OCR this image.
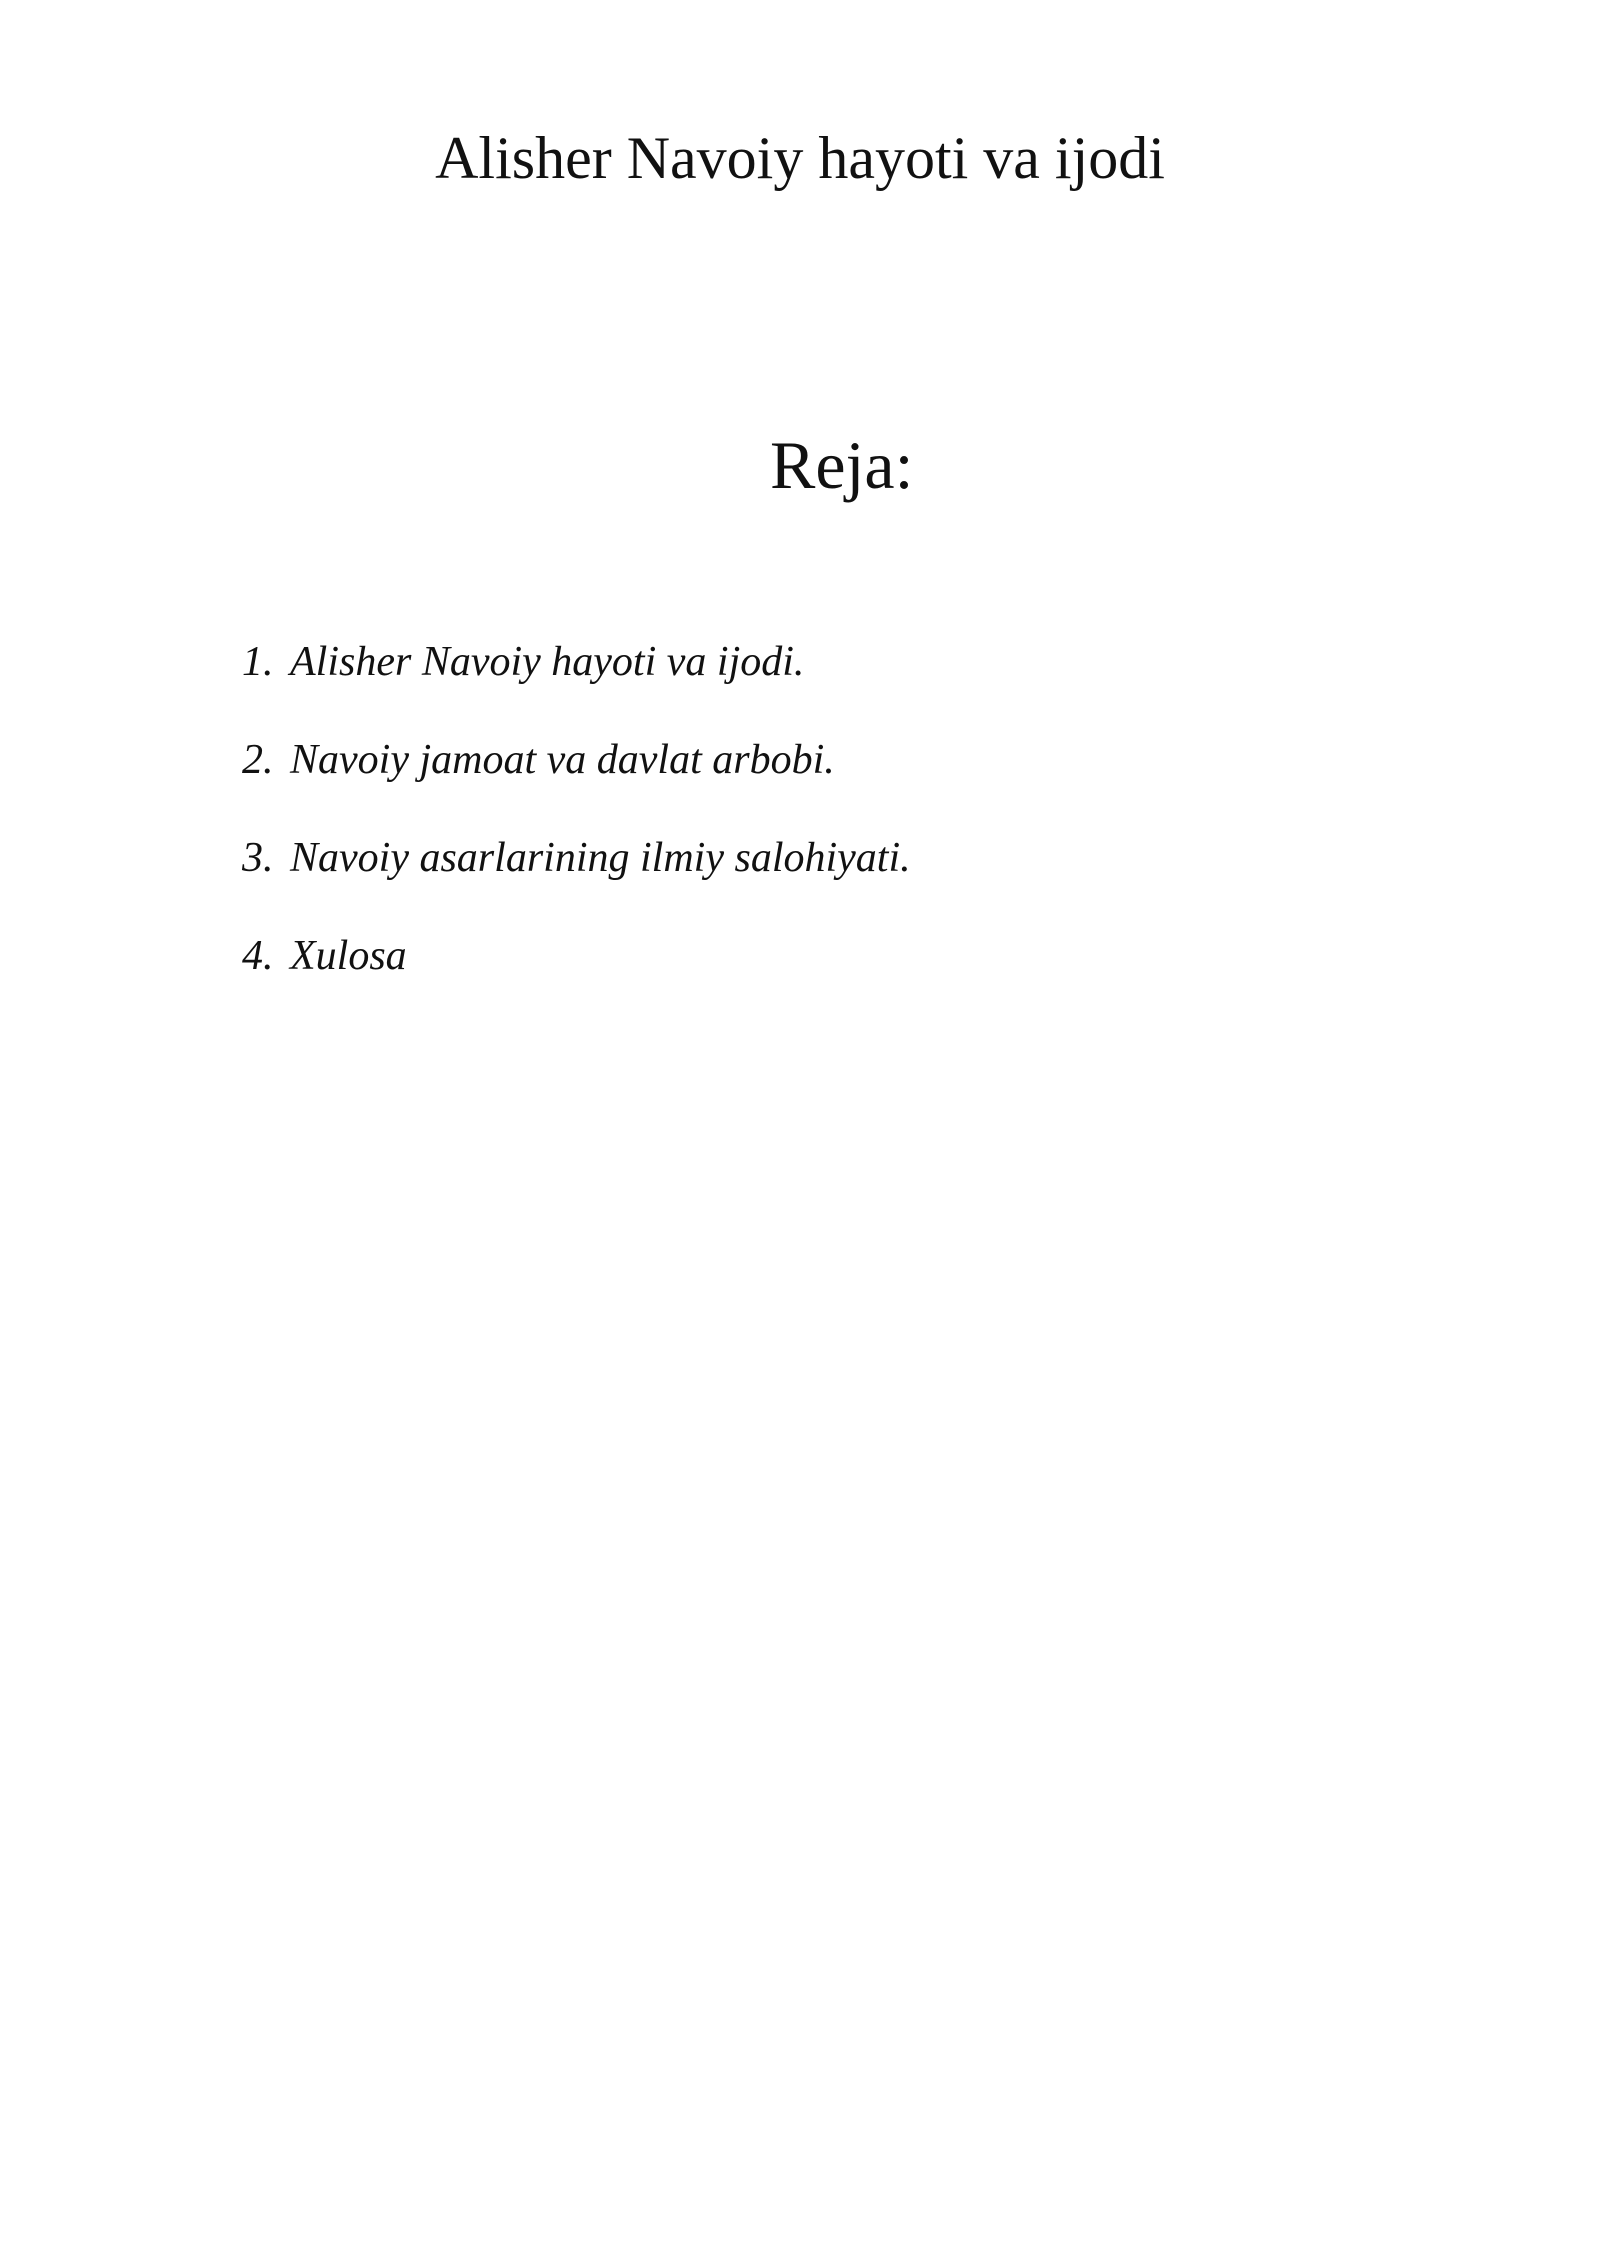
Alisher Navoiy hayoti va ijodi
Reja:
1. Alisher Navoiy hayoti va ijodi.
2. Navoiy jamoat va davlat arbobi.
3. Navoiy asarlarining ilmiy salohiyati.
4. Xulosa
